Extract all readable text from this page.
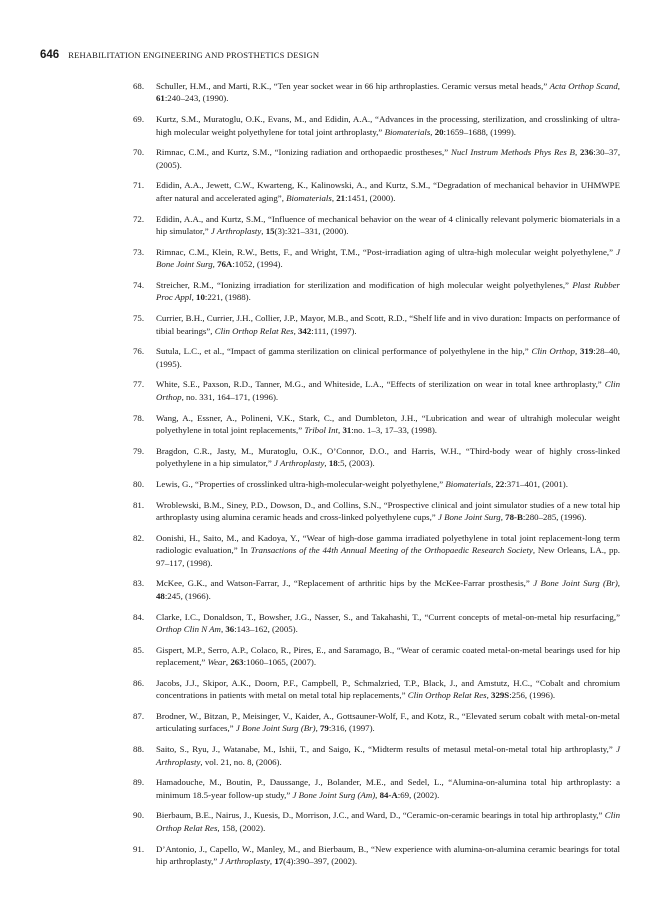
646 REHABILITATION ENGINEERING AND PROSTHETICS DESIGN
68. Schuller, H.M., and Marti, R.K., “Ten year socket wear in 66 hip arthroplasties. Ceramic versus metal heads,” Acta Orthop Scand, 61:240–243, (1990).
69. Kurtz, S.M., Muratoglu, O.K., Evans, M., and Edidin, A.A., “Advances in the processing, sterilization, and crosslinking of ultra-high molecular weight polyethylene for total joint arthroplasty,” Biomaterials, 20:1659–1688, (1999).
70. Rimnac, C.M., and Kurtz, S.M., “Ionizing radiation and orthopaedic prostheses,” Nucl Instrum Methods Phys Res B, 236:30–37, (2005).
71. Edidin, A.A., Jewett, C.W., Kwarteng, K., Kalinowski, A., and Kurtz, S.M., “Degradation of mechanical behavior in UHMWPE after natural and accelerated aging”, Biomaterials, 21:1451, (2000).
72. Edidin, A.A., and Kurtz, S.M., “Influence of mechanical behavior on the wear of 4 clinically relevant polymeric biomaterials in a hip simulator,” J Arthroplasty, 15(3):321–331, (2000).
73. Rimnac, C.M., Klein, R.W., Betts, F., and Wright, T.M., “Post-irradiation aging of ultra-high molecular weight polyethylene,” J Bone Joint Surg, 76A:1052, (1994).
74. Streicher, R.M., “Ionizing irradiation for sterilization and modification of high molecular weight polyethylenes,” Plast Rubber Proc Appl, 10:221, (1988).
75. Currier, B.H., Currier, J.H., Collier, J.P., Mayor, M.B., and Scott, R.D., “Shelf life and in vivo duration: Impacts on performance of tibial bearings”, Clin Orthop Relat Res, 342:111, (1997).
76. Sutula, L.C., et al., “Impact of gamma sterilization on clinical performance of polyethylene in the hip,” Clin Orthop, 319:28–40, (1995).
77. White, S.E., Paxson, R.D., Tanner, M.G., and Whiteside, L.A., “Effects of sterilization on wear in total knee arthroplasty,” Clin Orthop, no. 331, 164–171, (1996).
78. Wang, A., Essner, A., Polineni, V.K., Stark, C., and Dumbleton, J.H., “Lubrication and wear of ultrahigh molecular weight polyethylene in total joint replacements,” Tribol Int, 31:no. 1–3, 17–33, (1998).
79. Bragdon, C.R., Jasty, M., Muratoglu, O.K., O’Connor, D.O., and Harris, W.H., “Third-body wear of highly cross-linked polyethylene in a hip simulator,” J Arthroplasty, 18:5, (2003).
80. Lewis, G., “Properties of crosslinked ultra-high-molecular-weight polyethylene,” Biomaterials, 22:371–401, (2001).
81. Wroblewski, B.M., Siney, P.D., Dowson, D., and Collins, S.N., “Prospective clinical and joint simulator studies of a new total hip arthroplasty using alumina ceramic heads and cross-linked polyethylene cups,” J Bone Joint Surg, 78-B:280–285, (1996).
82. Oonishi, H., Saito, M., and Kadoya, Y., “Wear of high-dose gamma irradiated polyethylene in total joint replacement-long term radiologic evaluation,” In Transactions of the 44th Annual Meeting of the Orthopaedic Research Society, New Orleans, LA., pp. 97–117, (1998).
83. McKee, G.K., and Watson-Farrar, J., “Replacement of arthritic hips by the McKee-Farrar prosthesis,” J Bone Joint Surg (Br), 48:245, (1966).
84. Clarke, I.C., Donaldson, T., Bowsher, J.G., Nasser, S., and Takahashi, T., “Current concepts of metal-on-metal hip resurfacing,” Orthop Clin N Am, 36:143–162, (2005).
85. Gispert, M.P., Serro, A.P., Colaco, R., Pires, E., and Saramago, B., “Wear of ceramic coated metal-on-metal bearings used for hip replacement,” Wear, 263:1060–1065, (2007).
86. Jacobs, J.J., Skipor, A.K., Doorn, P.F., Campbell, P., Schmalzried, T.P., Black, J., and Amstutz, H.C., “Cobalt and chromium concentrations in patients with metal on metal total hip replacements,” Clin Orthop Relat Res, 329S:256, (1996).
87. Brodner, W., Bitzan, P., Meisinger, V., Kaider, A., Gottsauner-Wolf, F., and Kotz, R., “Elevated serum cobalt with metal-on-metal articulating surfaces,” J Bone Joint Surg (Br), 79:316, (1997).
88. Saito, S., Ryu, J., Watanabe, M., Ishii, T., and Saigo, K., “Midterm results of metasul metal-on-metal total hip arthroplasty,” J Arthroplasty, vol. 21, no. 8, (2006).
89. Hamadouche, M., Boutin, P., Daussange, J., Bolander, M.E., and Sedel, L., “Alumina-on-alumina total hip arthroplasty: a minimum 18.5-year follow-up study,” J Bone Joint Surg (Am), 84-A:69, (2002).
90. Bierbaum, B.E., Nairus, J., Kuesis, D., Morrison, J.C., and Ward, D., “Ceramic-on-ceramic bearings in total hip arthroplasty,” Clin Orthop Relat Res, 158, (2002).
91. D’Antonio, J., Capello, W., Manley, M., and Bierbaum, B., “New experience with alumina-on-alumina ceramic bearings for total hip arthroplasty,” J Arthroplasty, 17(4):390–397, (2002).
